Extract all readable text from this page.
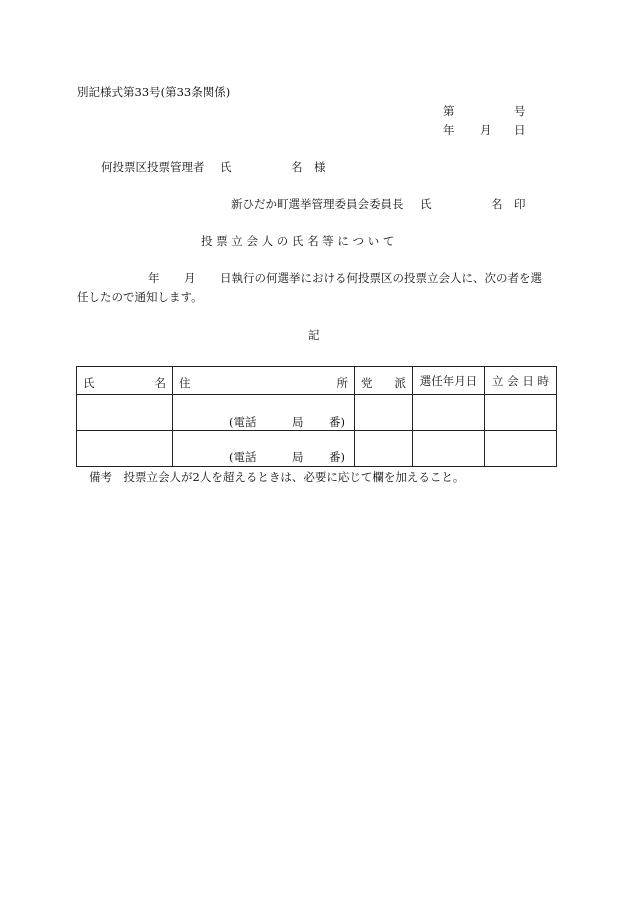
別記様式第33号(第33条関係)
第	号
年 月 日
何投票区投票管理者 氏	名 様
新ひだか町選挙管理委員会委員長 氏	名 印
投 票 立 会 人 の 氏 名 等 に つ い て
年 月 日執行の何選挙における何投票区の投票立会人に、次の者を選
任したので通知します。
記
氏 名	住 所	党 派	選任年月日	立 会 日 時

	(電話 局 番)			

	(電話 局 番)			

備考　投票立会人が2人を超えるときは、必要に応じて欄を加えること。
